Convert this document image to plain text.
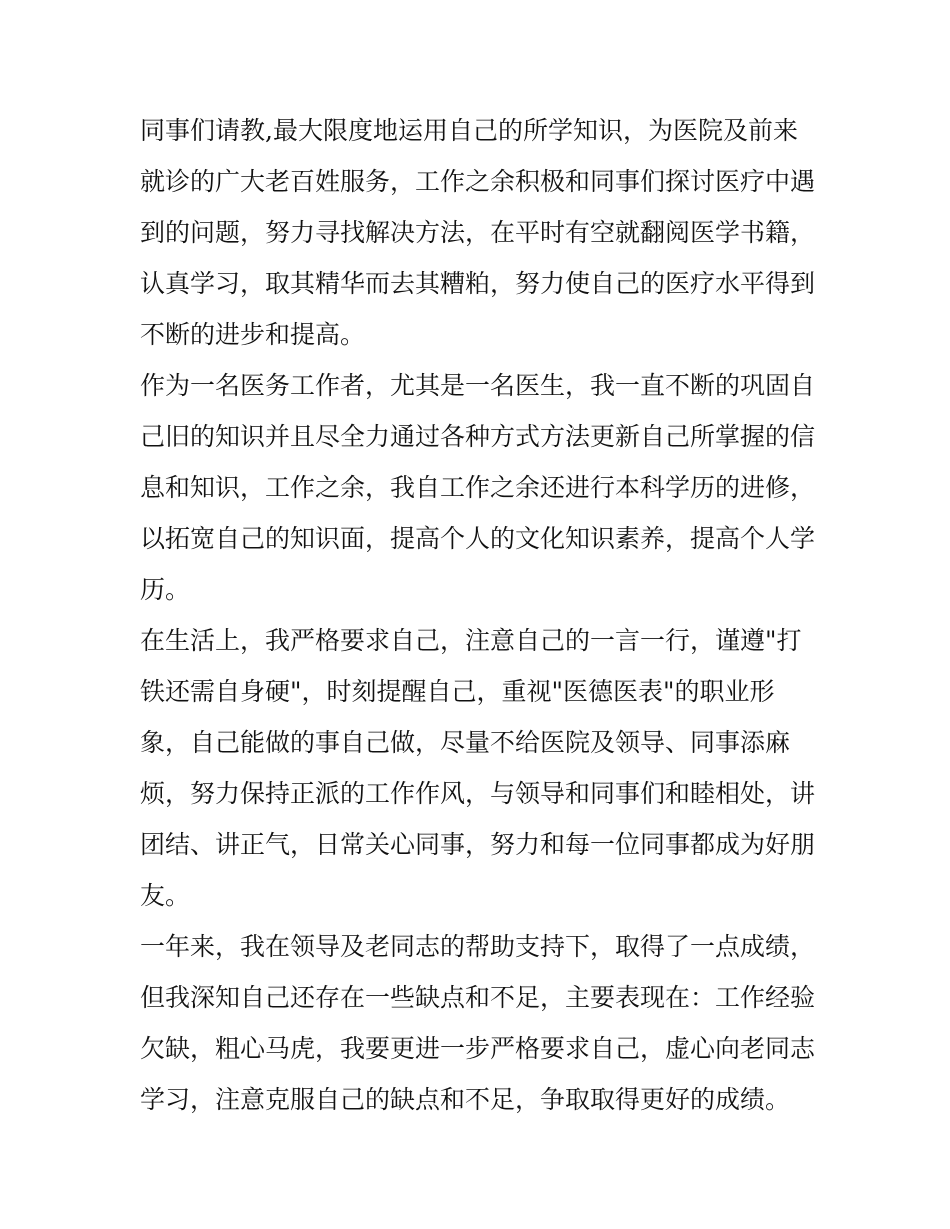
同事们请教,最大限度地运用自己的所学知识，为医院及前来
就诊的广大老百姓服务，工作之余积极和同事们探讨医疗中遇
到的问题，努力寻找解决方法，在平时有空就翻阅医学书籍，
认真学习，取其精华而去其糟粕，努力使自己的医疗水平得到
不断的进步和提高。
作为一名医务工作者，尤其是一名医生，我一直不断的巩固自
己旧的知识并且尽全力通过各种方式方法更新自己所掌握的信
息和知识，工作之余，我自工作之余还进行本科学历的进修，
以拓宽自己的知识面，提高个人的文化知识素养，提高个人学
历。
在生活上，我严格要求自己，注意自己的一言一行，谨遵"打
铁还需自身硬"，时刻提醒自己，重视"医德医表"的职业形
象，自己能做的事自己做，尽量不给医院及领导、同事添麻
烦，努力保持正派的工作作风，与领导和同事们和睦相处，讲
团结、讲正气，日常关心同事，努力和每一位同事都成为好朋
友。
一年来，我在领导及老同志的帮助支持下，取得了一点成绩，
但我深知自己还存在一些缺点和不足，主要表现在：工作经验
欠缺，粗心马虎，我要更进一步严格要求自己，虚心向老同志
学习，注意克服自己的缺点和不足，争取取得更好的成绩。
